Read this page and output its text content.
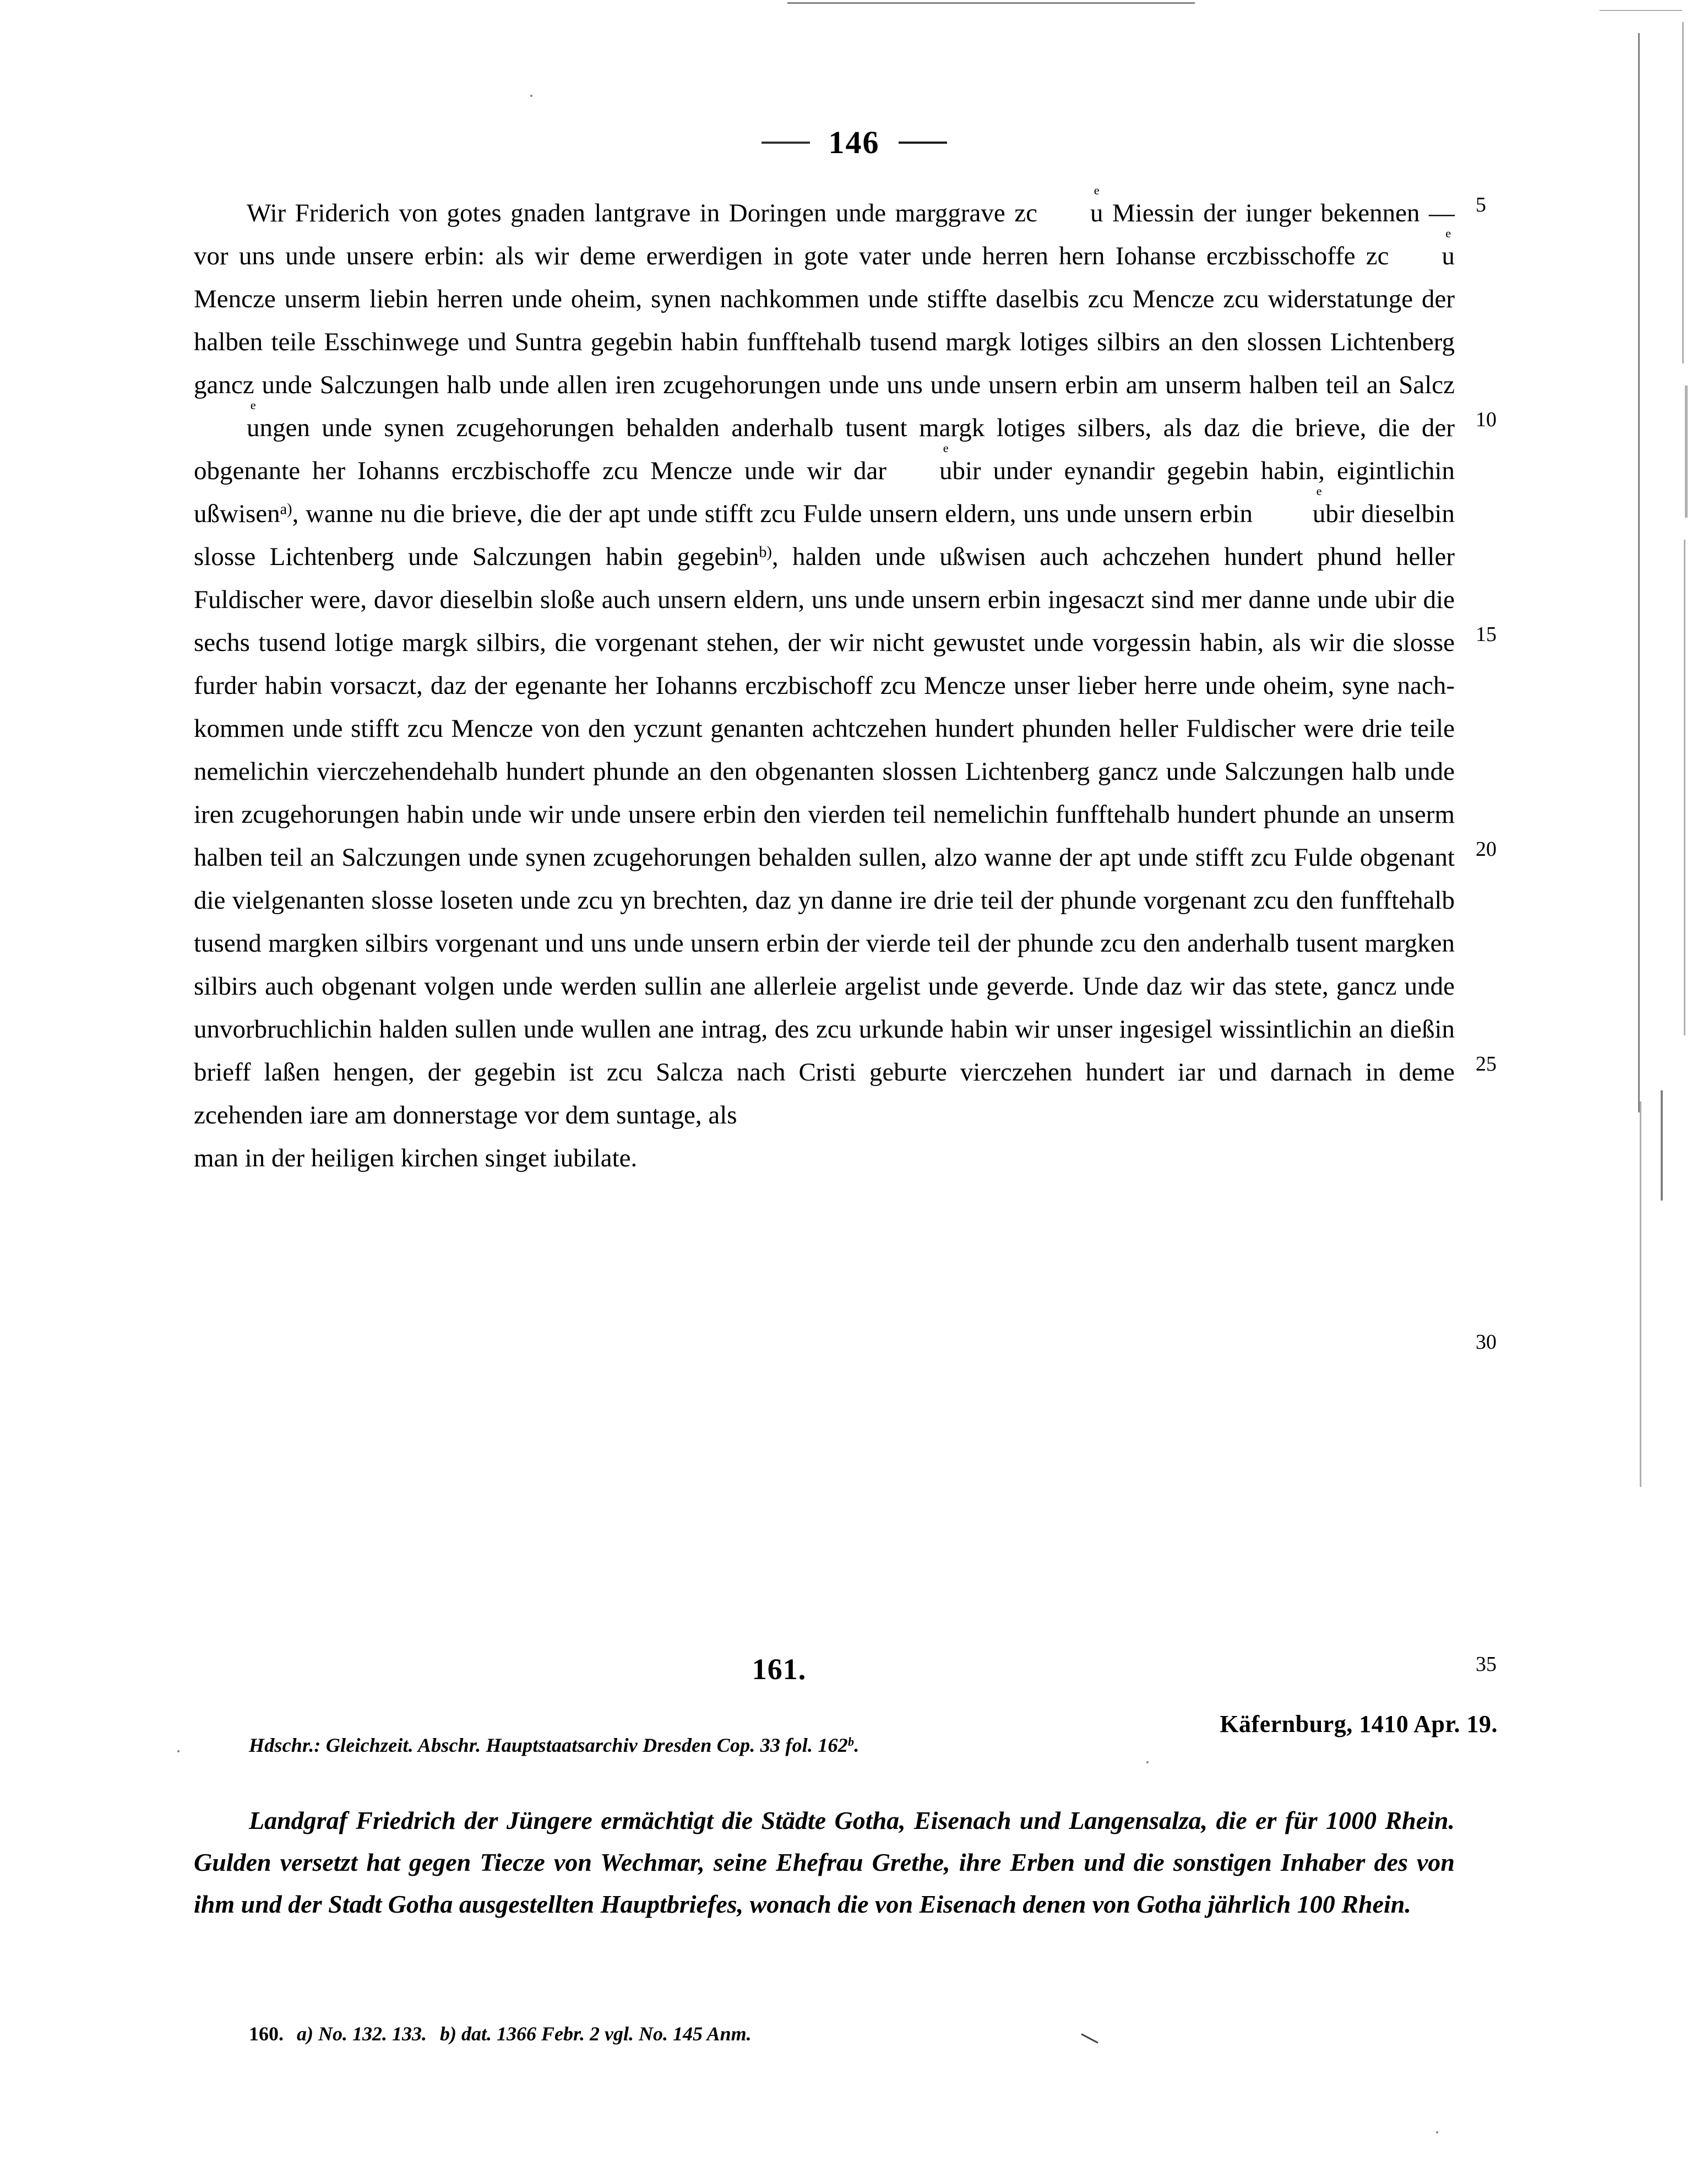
146

Wir Friderich von gotes gnaden lantgrave in Doringen unde marggrave zc u
e
Miessin der iunger bekennen — vor uns unde unsere erbin: als wir deme erwerdigen in gote vater unde herren hern Iohanse erczbisschoffe zc u
e
Mencze unserm liebin herren unde oheim, synen nachkommen unde stiffte daselbis zcu Mencze zcu widerstatunge der halben teile Esschinwege und Suntra gegebin habin funfftehalb tusend margk lotiges silbirs an den slossen Lichtenberg gancz unde Salczungen halb unde allen iren zcugehorungen unde uns unde unsern erbin am unserm halben teil an Salczu
e
ngen unde synen zcugehorungen behalden anderhalb tusent margk lotiges silbers, als daz die brieve, die der obgenante her Iohanns erczbischoffe zcu Mencze unde wir dar u
e
bir under eynandir gegebin habin, eigintlichin ußwisen$^{a)}$, wanne nu die brieve, die der apt unde stifft zcu Fulde unsern eldern, uns unde unsern erbin u
e
bir dieselbin slosse Lichtenberg unde Salczungen habin gegebin$^{b)}$, halden unde ußwisen auch achczehen hundert phund heller Fuldischer were, davor dieselbin sloße auch unsern eldern, uns unde unsern erbin ingesaczt sind mer danne unde ubir die sechs tusend lotige margk silbirs, die vorgenant stehen, der wir nicht gewustet unde vorgessin habin, als wir die slosse furder habin vorsaczt, daz der egenante her Iohanns erczbischoff zcu Mencze unser lieber herre unde oheim, syne nach- kommen unde stifft zcu Mencze von den yczunt genanten achtczehen hundert phunden heller Fuldischer were drie teile nemelichin vierczehendehalb hundert phunde an den obgenanten slossen Lichtenberg gancz unde Salczungen halb unde iren zcugehorungen habin unde wir unde unsere erbin den vierden teil nemelichin funfftehalb hundert phunde an unserm halben teil an Salczungen unde synen zcugehorungen behalden sullen, alzo wanne der apt unde stifft zcu Fulde obgenant die vielgenanten slosse loseten unde zcu yn brechten, daz yn danne ire drie teil der phunde vorgenant zcu den funfftehalb tusend margken silbirs vorgenant und uns unde unsern erbin der vierde teil der phunde zcu den anderhalb tusent margken silbirs auch obgenant volgen unde werden sullin ane allerleie argelist unde geverde. Unde daz wir das stete, gancz unde unvorbruchlichin halden sullen unde wullen ane intrag, des zcu urkunde habin wir unser ingesigel wissintlichin an dießin brieff laßen hengen, der gegebin ist zcu Salcza nach Cristi geburte vierczehen hundert iar und darnach in deme zcehenden iare am donnerstage vor dem suntage, als

man in der heiligen kirchen singet iubilate.

5
10
15
20
25
30
35
161.
Käfernburg, 1410 Apr. 19.
Hdschr.: Gleichzeit. Abschr. Hauptstaatsarchiv Dresden Cop. 33 fol. 162$^b$.

Landgraf Friedrich der Jüngere ermächtigt die Städte Gotha, Eisenach und Langensalza, die er für 1000 Rhein. Gulden versetzt hat gegen Tiecze von Wechmar, seine Ehefrau Grethe, ihre Erben und die sonstigen Inhaber des von ihm und der Stadt Gotha ausgestellten Hauptbriefes, wonach die von Eisenach denen von Gotha jährlich 100 Rhein.

160. a) No. 132. 133. b) dat. 1366 Febr. 2 vgl. No. 145 Anm.
